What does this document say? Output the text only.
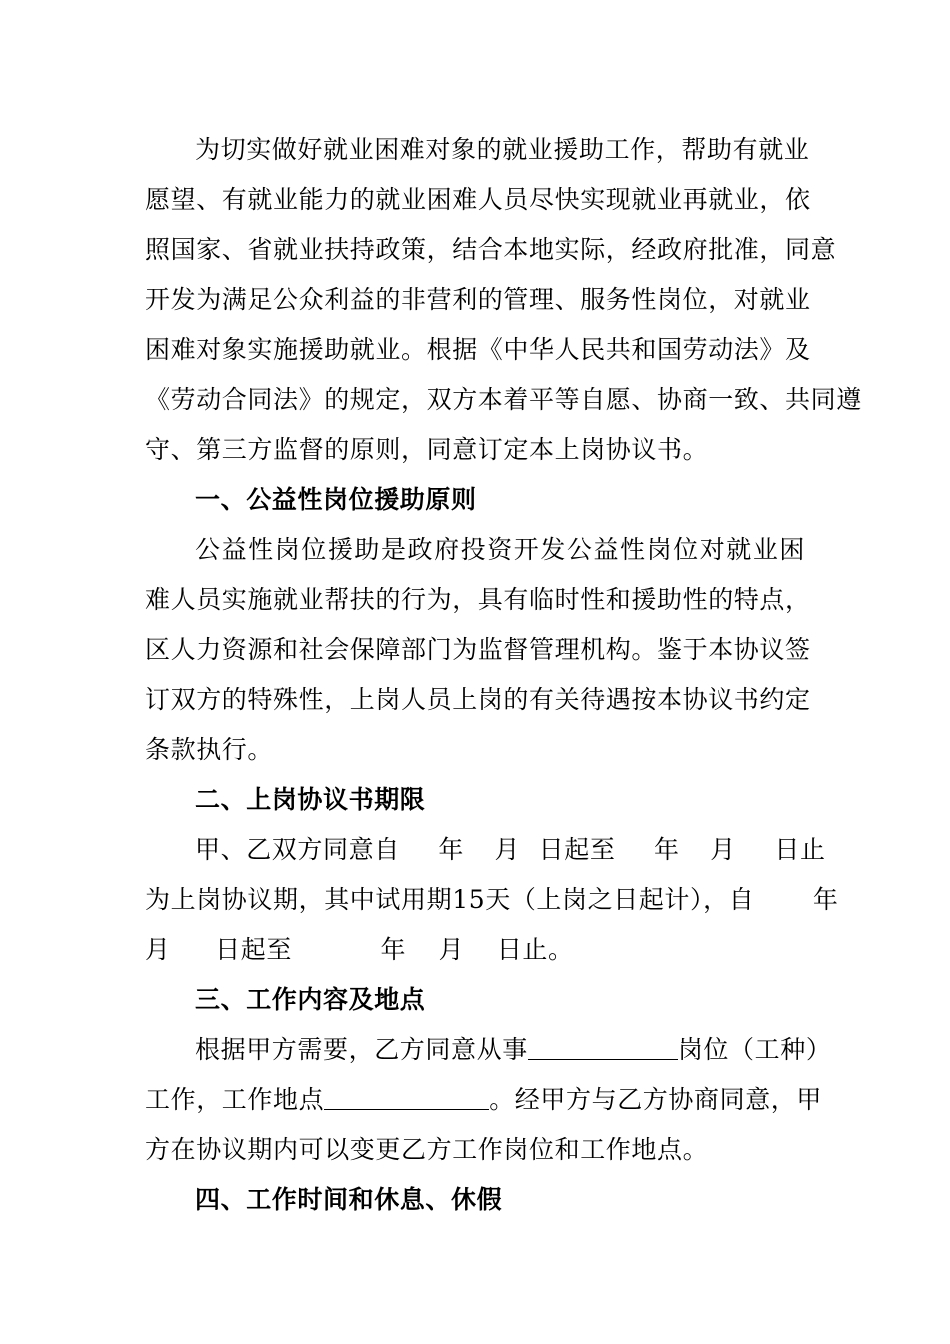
为切实做好就业困难对象的就业援助工作，帮助有就业
愿望、有就业能力的就业困难人员尽快实现就业再就业，依
照国家、省就业扶持政策，结合本地实际，经政府批准，同意
开发为满足公众利益的非营利的管理、服务性岗位，对就业
困难对象实施援助就业。根据《中华人民共和国劳动法》及
《劳动合同法》的规定，双方本着平等自愿、协商一致、共同遵
守、第三方监督的原则，同意订定本上岗协议书。
一、公益性岗位援助原则
公益性岗位援助是政府投资开发公益性岗位对就业困
难人员实施就业帮扶的行为，具有临时性和援助性的特点，
区人力资源和社会保障部门为监督管理机构。鉴于本协议签
订双方的特殊性，上岗人员上岗的有关待遇按本协议书约定
条款执行。
二、上岗协议书期限
甲、乙双方同意自 年 月 日起至 年 月 日止
为上岗协议期，其中试用期15天（上岗之日起计），自 年
月 日起至	年 月 日止。
三、工作内容及地点
根据甲方需要，乙方同意从事	岗位（工种）
工作，工作地点	。经甲方与乙方协商同意，甲
方在协议期内可以变更乙方工作岗位和工作地点。
四、工作时间和休息、休假
